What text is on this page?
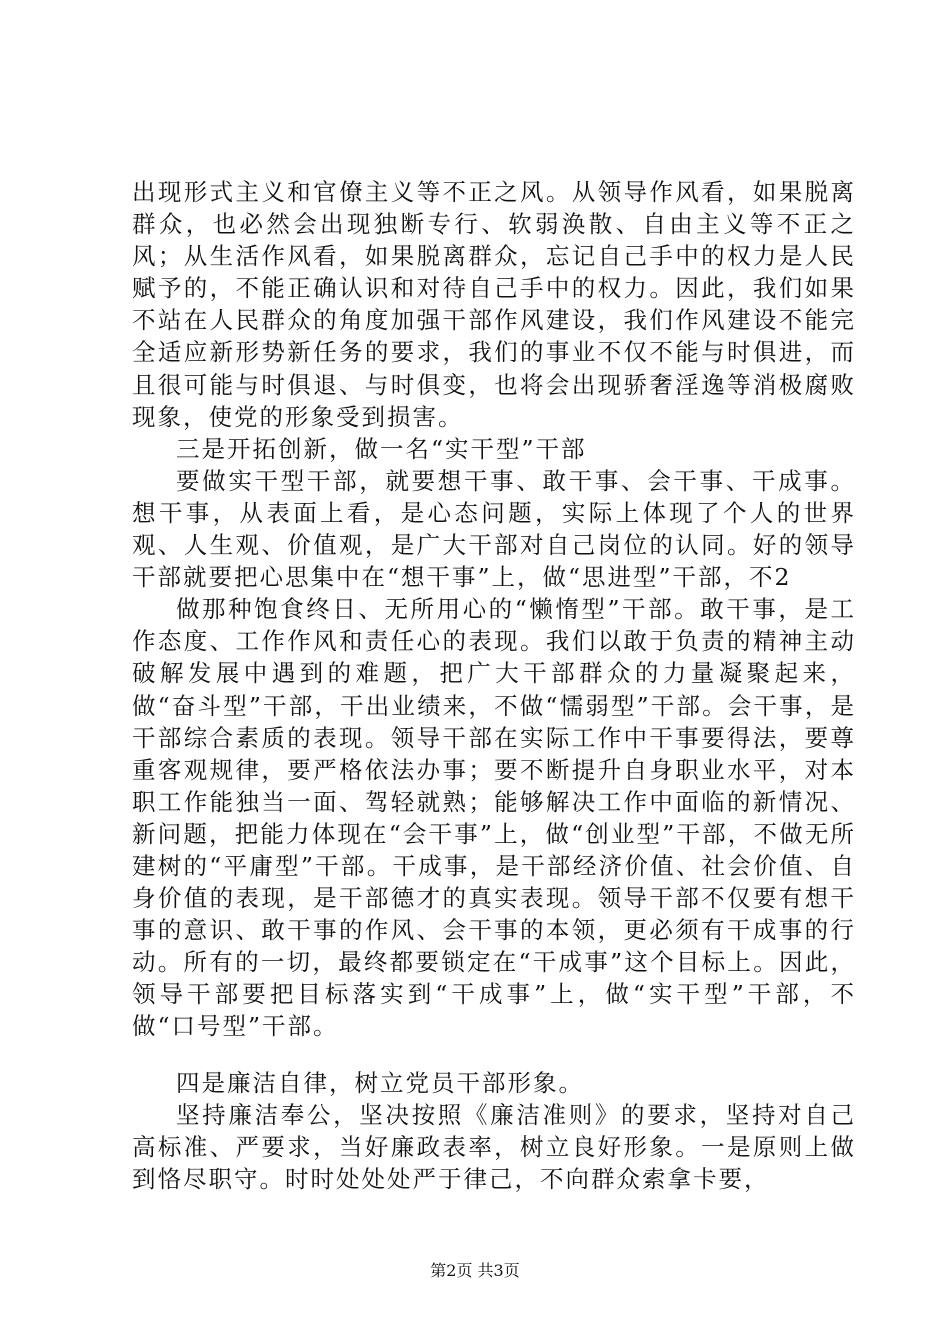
出现形式主义和官僚主义等不正之风。从领导作风看，如果脱离群众，也必然会出现独断专行、软弱涣散、自由主义等不正之风；从生活作风看，如果脱离群众，忘记自己手中的权力是人民赋予的，不能正确认识和对待自己手中的权力。因此，我们如果不站在人民群众的角度加强干部作风建设，我们作风建设不能完全适应新形势新任务的要求，我们的事业不仅不能与时俱进，而且很可能与时俱退、与时俱变，也将会出现骄奢淫逸等消极腐败现象，使党的形象受到损害。

三是开拓创新，做一名“实干型”干部

要做实干型干部，就要想干事、敢干事、会干事、干成事。想干事，从表面上看，是心态问题，实际上体现了个人的世界观、人生观、价值观，是广大干部对自己岗位的认同。好的领导干部就要把心思集中在“想干事”上，做“思进型”干部，不2

做那种饱食终日、无所用心的“懒惰型”干部。敢干事，是工作态度、工作作风和责任心的表现。我们以敢于负责的精神主动破解发展中遇到的难题，把广大干部群众的力量凝聚起来，做“奋斗型”干部，干出业绩来，不做“懦弱型”干部。会干事，是干部综合素质的表现。领导干部在实际工作中干事要得法，要尊重客观规律，要严格依法办事；要不断提升自身职业水平，对本职工作能独当一面、驾轻就熟；能够解决工作中面临的新情况、新问题，把能力体现在“会干事”上，做“创业型”干部，不做无所建树的“平庸型”干部。干成事，是干部经济价值、社会价值、自身价值的表现，是干部德才的真实表现。领导干部不仅要有想干事的意识、敢干事的作风、会干事的本领，更必须有干成事的行动。所有的一切，最终都要锁定在“干成事”这个目标上。因此，领导干部要把目标落实到“干成事”上，做“实干型”干部，不做“口号型”干部。

四是廉洁自律，树立党员干部形象。

坚持廉洁奉公，坚决按照《廉洁准则》的要求，坚持对自己高标准、严要求，当好廉政表率，树立良好形象。一是原则上做到恪尽职守。时时处处处严于律己，不向群众索拿卡要，

第2页 共3页
